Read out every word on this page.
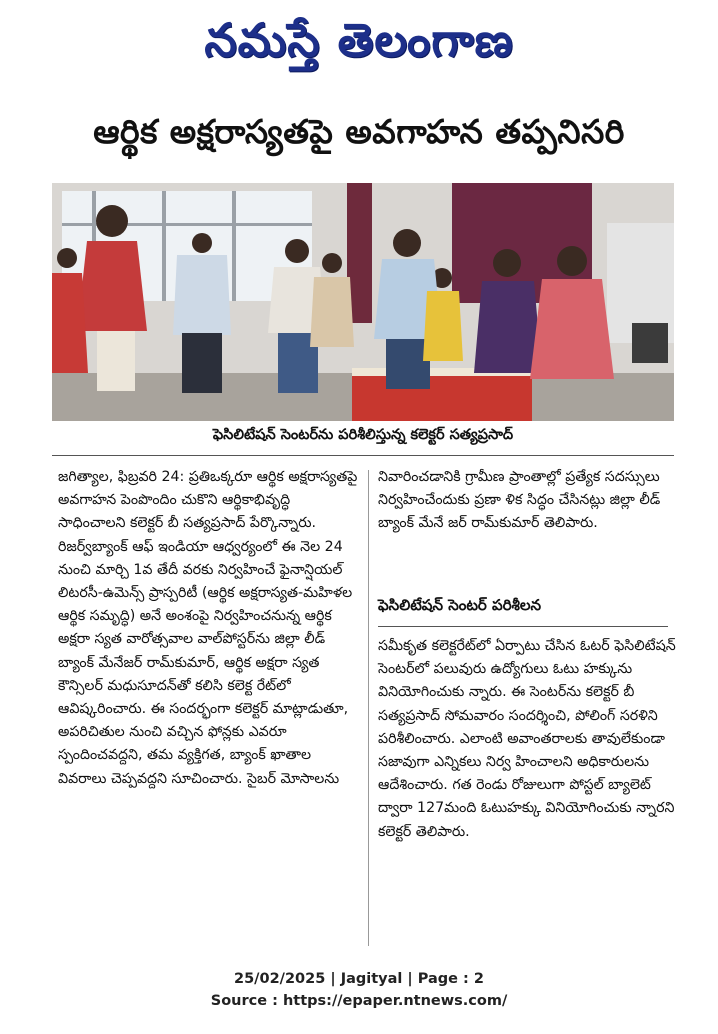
నమస్తే తెలంగాణ
ఆర్థిక అక్షరాస్యతపై అవగాహన తప్పనిసరి
ఫెసిలిటేషన్ సెంటర్‌ను పరిశీలిస్తున్న కలెక్టర్ సత్యప్రసాద్
జగిత్యాల, ఫిబ్రవరి 24: ప్రతిఒక్కరూ ఆర్థిక అక్షరాస్యతపై అవగాహన పెంపొందిం చుకొని ఆర్థికాభివృద్ధి సాధించాలని కలెక్టర్ బీ సత్యప్రసాద్ పేర్కొన్నారు. రిజర్వ్‌బ్యాంక్ ఆఫ్ ఇండియా ఆధ్వర్యంలో ఈ నెల 24 నుంచి మార్చి 1వ తేదీ వరకు నిర్వహించే ఫైనాన్షియల్ లిటరసీ-ఉమెన్స్ ప్రాస్పరిటీ (ఆర్థిక అక్షరాస్యత-మహిళల ఆర్థిక సమృద్ధి) అనే అంశంపై నిర్వహించనున్న ఆర్థిక అక్షరా స్యత వారోత్సవాల వాల్‌పోస్టర్‌ను జిల్లా లీడ్ బ్యాంక్ మేనేజర్ రామ్‌కుమార్, ఆర్థిక అక్షరా స్యత కౌన్సిలర్ మధుసూదన్‌తో కలిసి కలెక్ట రేట్‌లో ఆవిష్కరించారు. ఈ సందర్భంగా కలెక్టర్ మాట్లాడుతూ, అపరిచితుల నుంచి వచ్చిన ఫోన్లకు ఎవరూ స్పందించవద్దని, తమ వ్యక్తిగత, బ్యాంక్ ఖాతాల వివరాలు చెప్పవద్దని సూచించారు. సైబర్ మోసాలను
నివారించడానికి గ్రామీణ ప్రాంతాల్లో ప్రత్యేక సదస్సులు నిర్వహించేందుకు ప్రణా ళిక సిద్ధం చేసినట్లు జిల్లా లీడ్ బ్యాంక్ మేనే జర్ రామ్‌కుమార్ తెలిపారు.
ఫెసిలిటేషన్ సెంటర్ పరిశీలన
సమీకృత కలెక్టరేట్‌లో ఏర్పాటు చేసిన ఓటర్ ఫెసిలిటేషన్ సెంటర్‌లో పలువురు ఉద్యోగులు ఓటు హక్కును వినియోగించుకు న్నారు. ఈ సెంటర్‌ను కలెక్టర్ బీ సత్యప్రసాద్ సోమవారం సందర్శించి, పోలింగ్ సరళిని పరిశీలించారు. ఎలాంటి అవాంతరాలకు తావులేకుండా సజావుగా ఎన్నికలు నిర్వ హించాలని అధికారులను ఆదేశించారు. గత రెండు రోజులుగా పోస్టల్ బ్యాలెట్ ద్వారా 127మంది ఓటుహక్కు వినియోగించుకు న్నారని కలెక్టర్ తెలిపారు.
25/02/2025 | Jagityal | Page : 2
Source : https://epaper.ntnews.com/
